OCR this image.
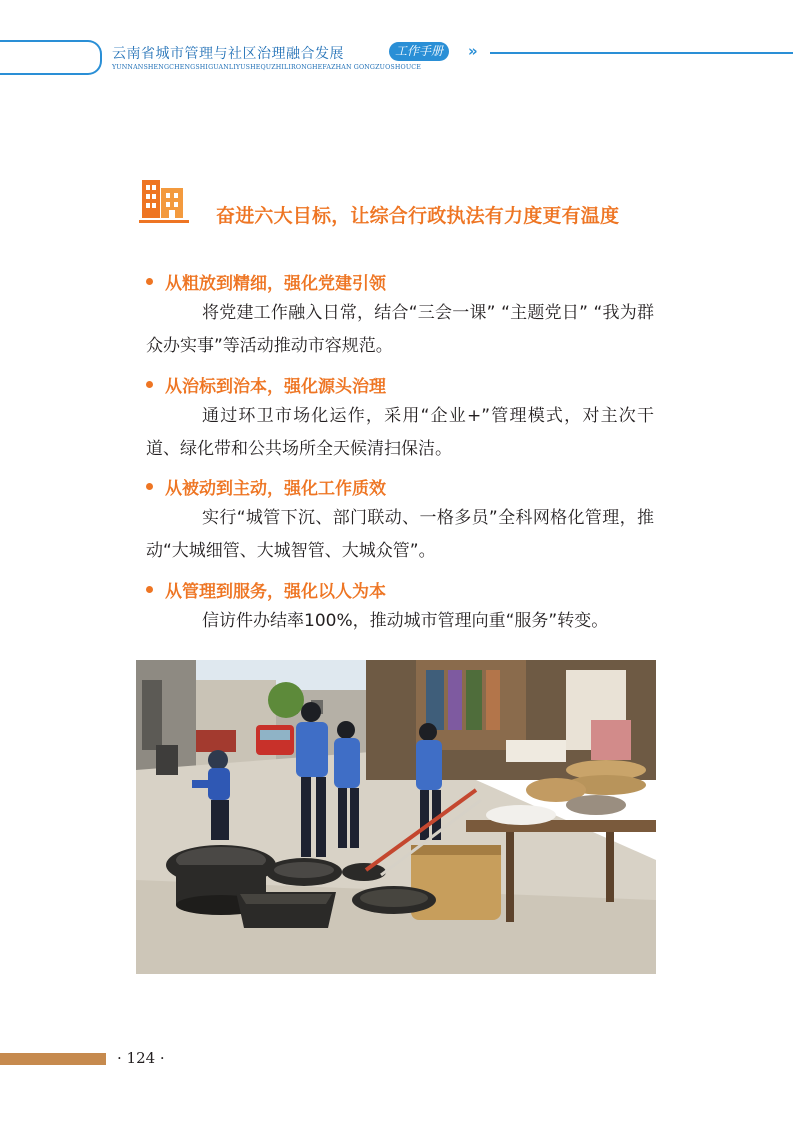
云南省城市管理与社区治理融合发展	工作手册	»
YUNNANSHENGCHENGSHIGUANLIYUSHEQUZHILIRONGHEFAZHAN GONGZUOSHOUCE
奋进六大目标，让综合行政执法有力度更有温度
从粗放到精细，强化党建引领
将党建工作融入日常，结合“三会一课” “主题党日” “我为群众办实事”等活动推动市容规范。
从治标到治本，强化源头治理
通过环卫市场化运作，采用“企业+”管理模式，对主次干道、绿化带和公共场所全天候清扫保洁。
从被动到主动，强化工作质效
实行“城管下沉、部门联动、一格多员”全科网格化管理，推动“大城细管、大城智管、大城众管”。
从管理到服务，强化以人为本
信访件办结率100%，推动城市管理向重“服务”转变。
· 124 ·
